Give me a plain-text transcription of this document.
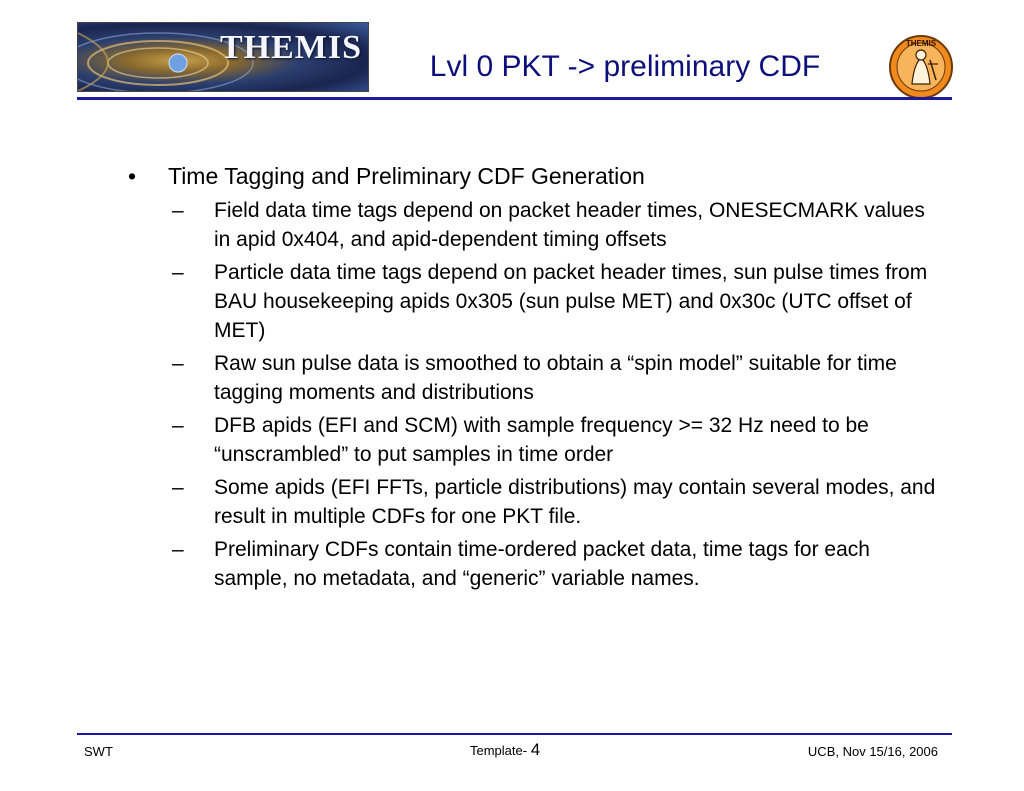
THEMIS
Lvl 0 PKT -> preliminary CDF
THEMIS
• Time Tagging and Preliminary CDF Generation
– Field data time tags depend on packet header times, ONESECMARK values in apid 0x404, and apid-dependent timing offsets
– Particle data time tags depend on packet header times, sun pulse times from BAU housekeeping apids 0x305 (sun pulse MET) and 0x30c (UTC offset of MET)
– Raw sun pulse data is smoothed to obtain a “spin model” suitable for time tagging moments and distributions
– DFB apids (EFI and SCM) with sample frequency >= 32 Hz need to be “unscrambled” to put samples in time order
– Some apids (EFI FFTs, particle distributions) may contain several modes, and result in multiple CDFs for one PKT file.
– Preliminary CDFs contain time-ordered packet data, time tags for each sample, no metadata, and “generic” variable names.
SWT	Template- 4	UCB, Nov 15/16, 2006
